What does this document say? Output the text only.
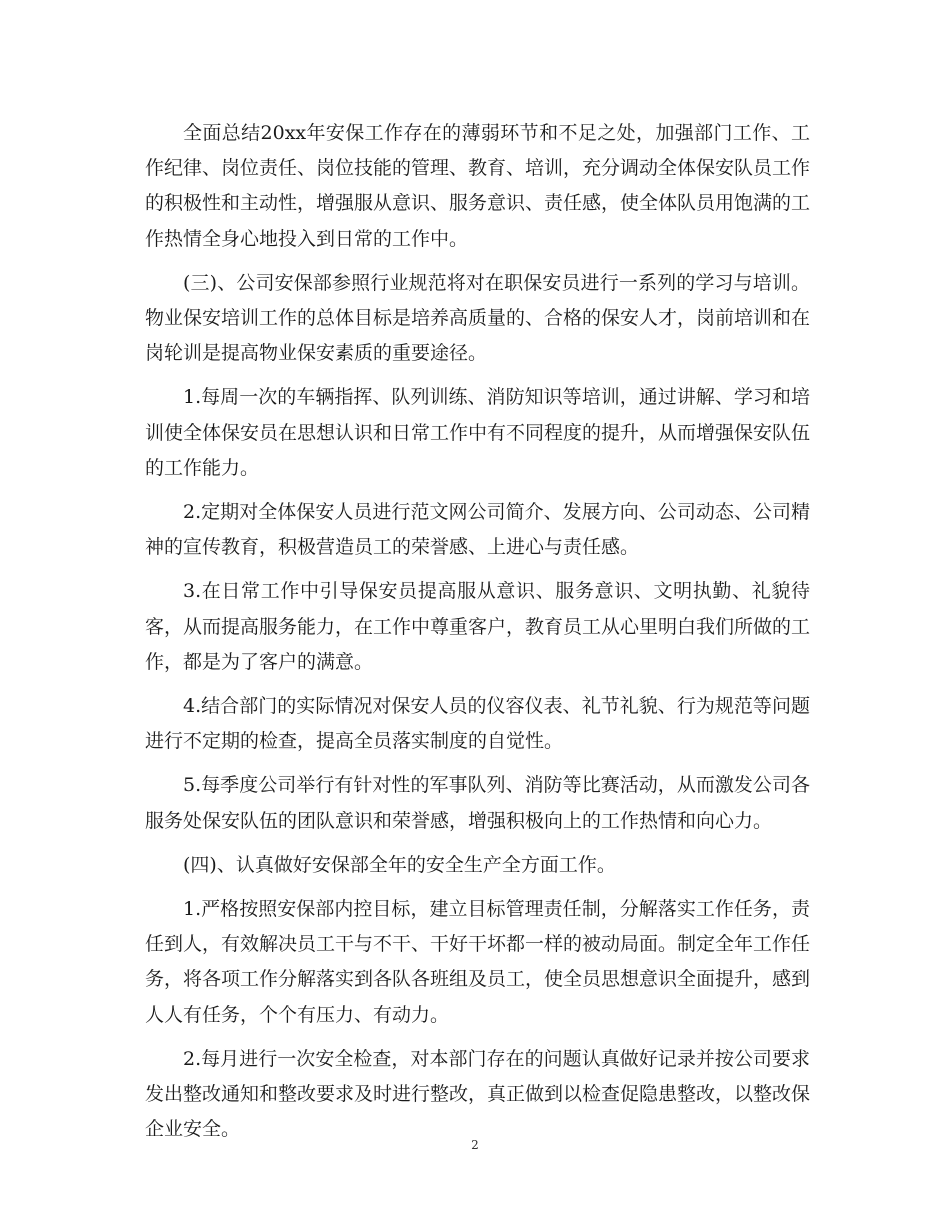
全面总结20xx年安保工作存在的薄弱环节和不足之处，加强部门工作、工作纪律、岗位责任、岗位技能的管理、教育、培训，充分调动全体保安队员工作的积极性和主动性，增强服从意识、服务意识、责任感，使全体队员用饱满的工作热情全身心地投入到日常的工作中。

(三)、公司安保部参照行业规范将对在职保安员进行一系列的学习与培训。物业保安培训工作的总体目标是培养高质量的、合格的保安人才，岗前培训和在岗轮训是提高物业保安素质的重要途径。

1.每周一次的车辆指挥、队列训练、消防知识等培训，通过讲解、学习和培训使全体保安员在思想认识和日常工作中有不同程度的提升，从而增强保安队伍的工作能力。

2.定期对全体保安人员进行范文网公司简介、发展方向、公司动态、公司精神的宣传教育，积极营造员工的荣誉感、上进心与责任感。

3.在日常工作中引导保安员提高服从意识、服务意识、文明执勤、礼貌待客，从而提高服务能力，在工作中尊重客户，教育员工从心里明白我们所做的工作，都是为了客户的满意。

4.结合部门的实际情况对保安人员的仪容仪表、礼节礼貌、行为规范等问题进行不定期的检查，提高全员落实制度的自觉性。

5.每季度公司举行有针对性的军事队列、消防等比赛活动，从而激发公司各服务处保安队伍的团队意识和荣誉感，增强积极向上的工作热情和向心力。

(四)、认真做好安保部全年的安全生产全方面工作。

1.严格按照安保部内控目标，建立目标管理责任制，分解落实工作任务，责任到人，有效解决员工干与不干、干好干坏都一样的被动局面。制定全年工作任务，将各项工作分解落实到各队各班组及员工，使全员思想意识全面提升，感到人人有任务，个个有压力、有动力。

2.每月进行一次安全检查，对本部门存在的问题认真做好记录并按公司要求发出整改通知和整改要求及时进行整改，真正做到以检查促隐患整改，以整改保企业安全。

2
